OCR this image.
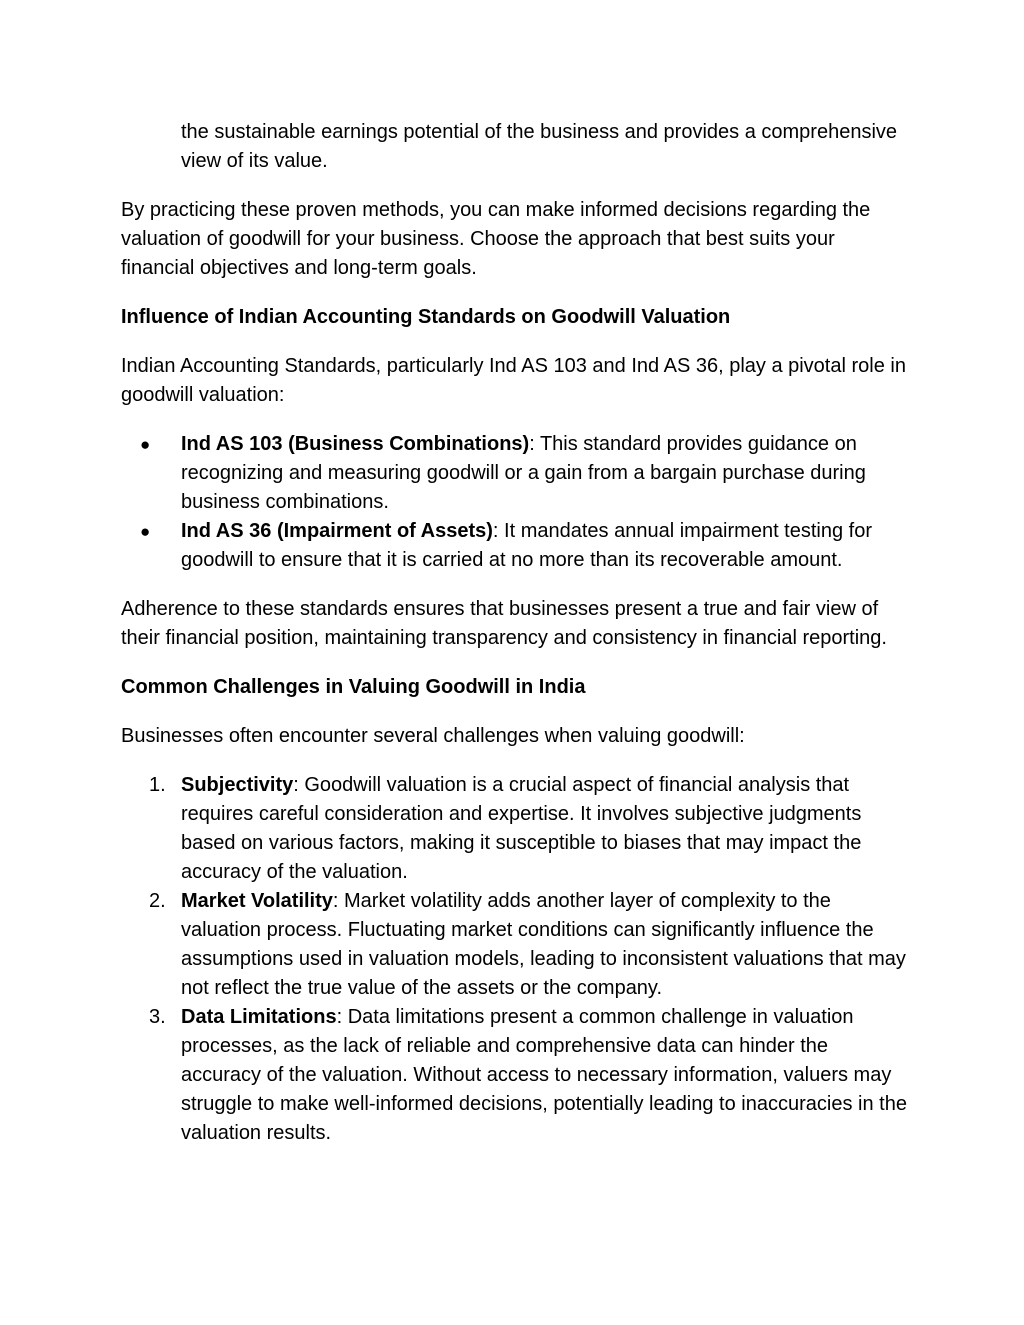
the sustainable earnings potential of the business and provides a comprehensive view of its value.

By practicing these proven methods, you can make informed decisions regarding the valuation of goodwill for your business. Choose the approach that best suits your financial objectives and long-term goals.

Influence of Indian Accounting Standards on Goodwill Valuation

Indian Accounting Standards, particularly Ind AS 103 and Ind AS 36, play a pivotal role in goodwill valuation:

● Ind AS 103 (Business Combinations): This standard provides guidance on recognizing and measuring goodwill or a gain from a bargain purchase during business combinations.
● Ind AS 36 (Impairment of Assets): It mandates annual impairment testing for goodwill to ensure that it is carried at no more than its recoverable amount.

Adherence to these standards ensures that businesses present a true and fair view of their financial position, maintaining transparency and consistency in financial reporting.

Common Challenges in Valuing Goodwill in India

Businesses often encounter several challenges when valuing goodwill:

1. Subjectivity: Goodwill valuation is a crucial aspect of financial analysis that requires careful consideration and expertise. It involves subjective judgments based on various factors, making it susceptible to biases that may impact the accuracy of the valuation.
2. Market Volatility: Market volatility adds another layer of complexity to the valuation process. Fluctuating market conditions can significantly influence the assumptions used in valuation models, leading to inconsistent valuations that may not reflect the true value of the assets or the company.
3. Data Limitations: Data limitations present a common challenge in valuation processes, as the lack of reliable and comprehensive data can hinder the accuracy of the valuation. Without access to necessary information, valuers may struggle to make well-informed decisions, potentially leading to inaccuracies in the valuation results.
